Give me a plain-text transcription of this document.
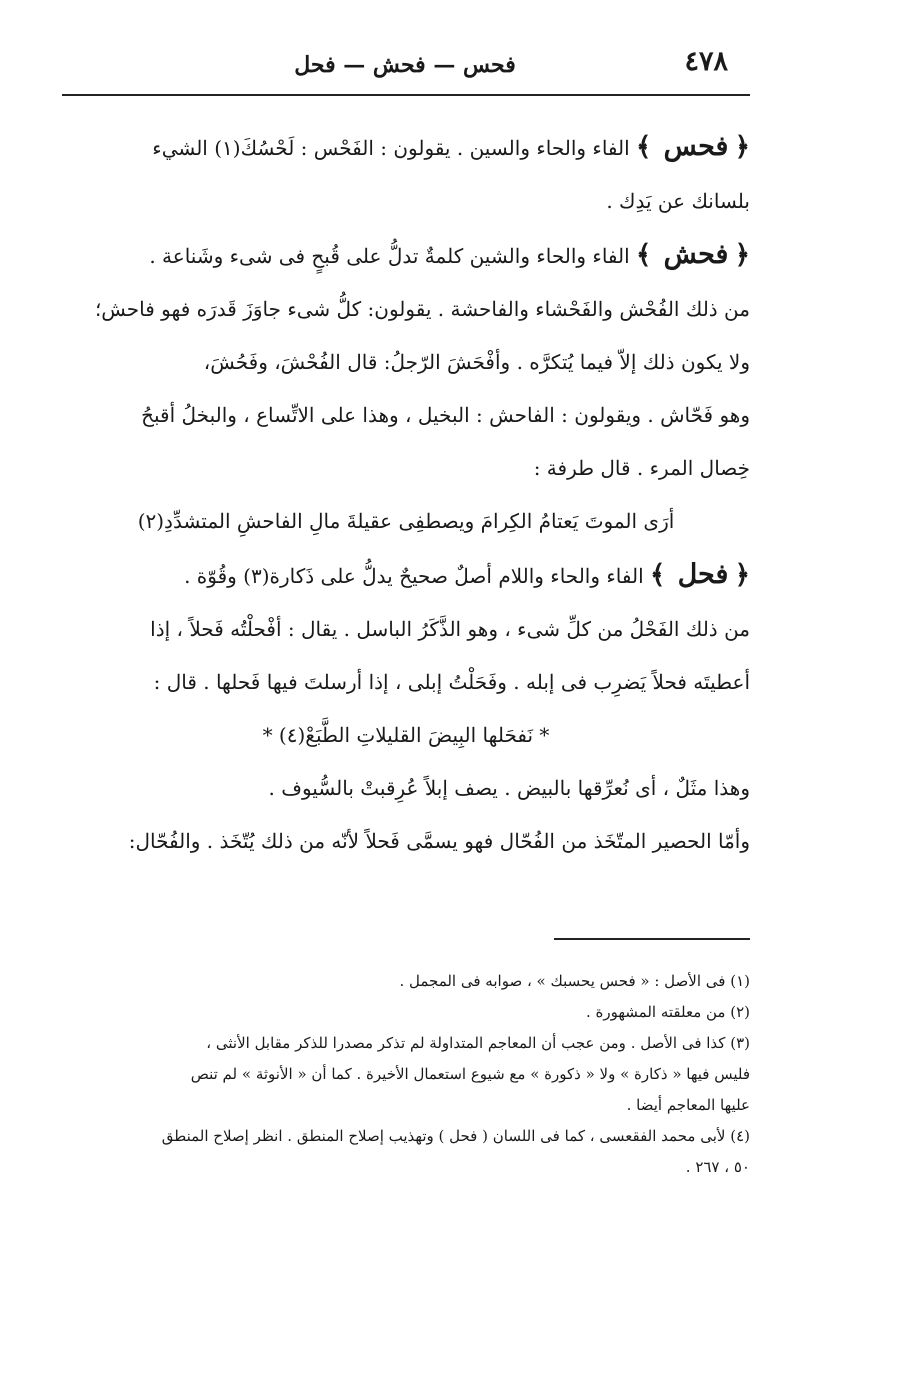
٤٧٨
فحس — فحش — فحل

﴿ فحس ﴾ الفاء والحاء والسين . يقولون : الفَحْس : لَحْسُكَ(١) الشيء

بلسانك عن يَدِك .

﴿ فحش ﴾ الفاء والحاء والشين كلمةٌ تدلُّ على قُبحٍ فى شىء وشَناعة .

من ذلك الفُحْش والفَحْشاء والفاحشة . يقولون: كلُّ شىء جاوَزَ قَدرَه فهو فاحش؛

ولا يكون ذلك إلاّ فيما يُتكرَّه . وأفْحَشَ الرّجلُ: قال الفُحْشَ، وفَحُشَ،

وهو فَحّاش . ويقولون : الفاحش : البخيل ، وهذا على الاتِّساع ، والبخلُ أقبحُ

خِصال المرء . قال طرفة :

أرَى الموتَ يَعتامُ الكِرامَ ويصطفِى عقيلةَ مالِ الفاحشِ المتشدِّدِ(٢)

﴿ فحل ﴾ الفاء والحاء واللام أصلٌ صحيحٌ يدلُّ على ذَكارة(٣) وقُوّة .

من ذلك الفَحْلُ من كلِّ شىء ، وهو الذَّكَرُ الباسل . يقال : أفْحلْتُه فَحلاً ، إذا

أعطيتَه فحلاً يَضرِب فى إبله . وفَحَلْتُ إبلى ، إذا أرسلتَ فيها فَحلها . قال :

* نَفحَلها البِيضَ القليلاتِ الطَّبَعْ(٤) *

وهذا مثَلٌ ، أى نُعرِّقها بالبيض . يصف إبلاً عُرِقبتْ بالسُّيوف .

وأمّا الحصير المتّخَذ من الفُحّال فهو يسمَّى فَحلاً لأنّه من ذلك يُتّخَذ . والفُحّال:

(١) فى الأصل : « فحس يحسبك » ، صوابه فى المجمل .

(٢) من معلقته المشهورة .

(٣) كذا فى الأصل . ومن عجب أن المعاجم المتداولة لم تذكر مصدرا للذكر مقابل الأنثى ،

فليس فيها « ذكارة » ولا « ذكورة » مع شيوع استعمال الأخيرة . كما أن « الأنوثة » لم تنص

عليها المعاجم أيضا .

(٤) لأبى محمد الفقعسى ، كما فى اللسان ( فحل ) وتهذيب إصلاح المنطق . انظر إصلاح المنطق

٥٠ ، ٢٦٧ .
